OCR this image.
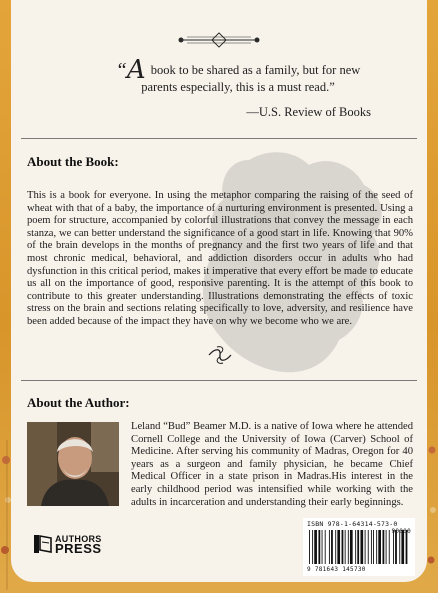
“A book to be shared as a family, but for new parents especially, this is a must read.”
—U.S. Review of Books
About the Book:
This is a book for everyone. In using the metaphor comparing the raising of the seed of wheat with that of a baby, the importance of a nurturing environment is presented. Using a poem for structure, accompanied by colorful illustrations that convey the message in each stanza, we can better understand the significance of a good start in life. Knowing that 90% of the brain develops in the months of pregnancy and the first two years of life and that most chronic medical, behavioral, and addiction disorders occur in adults who had dysfunction in this critical period, makes it imperative that every effort be made to educate us all on the importance of good, responsive parenting. It is the attempt of this book to contribute to this greater understanding. Illustrations demonstrating the effects of toxic stress on the brain and sections relating specifically to love, adversity, and resilience have been added because of the impact they have on why we become who we are.
About the Author:
Leland “Bud” Beamer M.D. is a native of Iowa where he attended Cornell College and the University of Iowa (Carver) School of Medicine. After serving his community of Madras, Oregon for 40 years as a surgeon and family physician, he became Chief Medical Officer in a state prison in Madras.His interest in the early childhood period was intensified while working with the adults in incarceration and understanding their early beginnings.
AUTHORS
PRESS
ISBN 978-1-64314-573-0
9 781643 145730
90000
